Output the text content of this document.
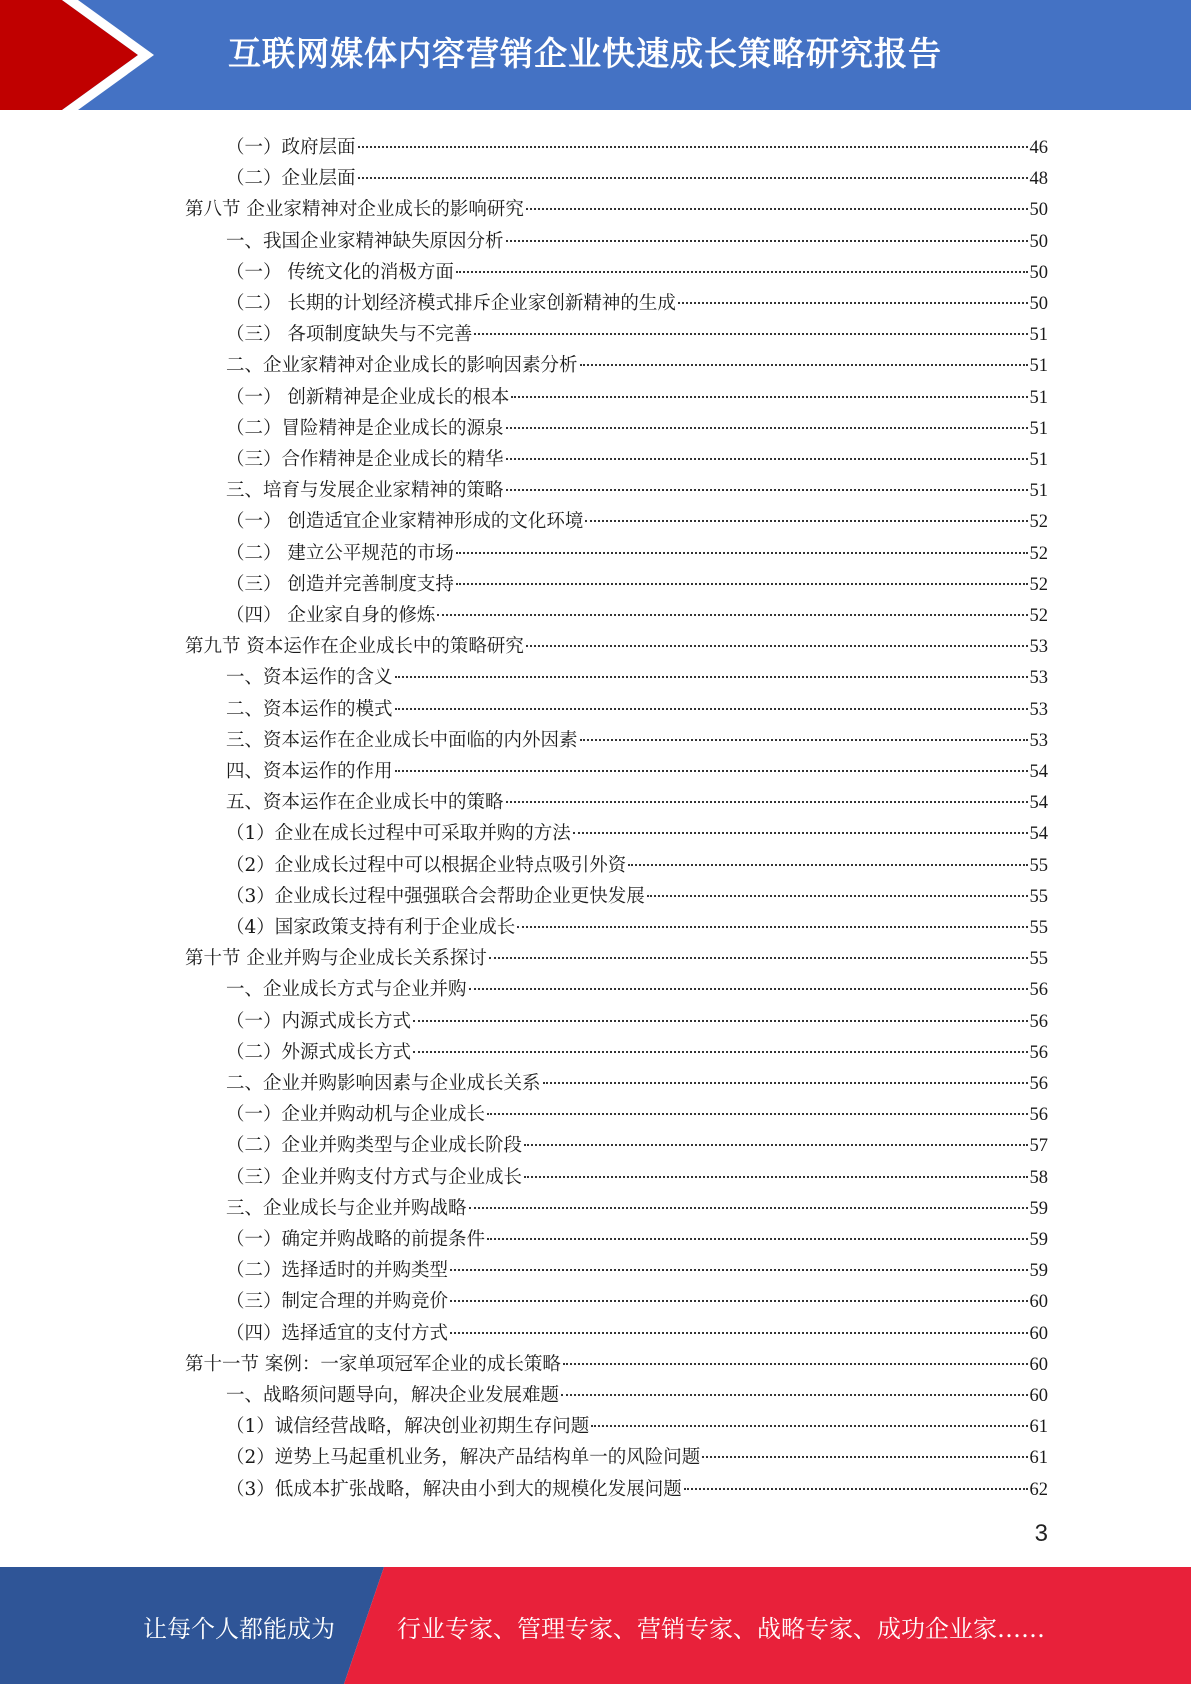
互联网媒体内容营销企业快速成长策略研究报告
（一）政府层面	46
（二）企业层面	48
第八节 企业家精神对企业成长的影响研究	50
一、我国企业家精神缺失原因分析	50
（一） 传统文化的消极方面	50
（二） 长期的计划经济模式排斥企业家创新精神的生成	50
（三） 各项制度缺失与不完善	51
二、企业家精神对企业成长的影响因素分析	51
（一） 创新精神是企业成长的根本	51
（二）冒险精神是企业成长的源泉	51
（三）合作精神是企业成长的精华	51
三、培育与发展企业家精神的策略	51
（一） 创造适宜企业家精神形成的文化环境	52
（二） 建立公平规范的市场	52
（三） 创造并完善制度支持	52
（四） 企业家自身的修炼	52
第九节 资本运作在企业成长中的策略研究	53
一、资本运作的含义	53
二、资本运作的模式	53
三、资本运作在企业成长中面临的内外因素	53
四、资本运作的作用	54
五、资本运作在企业成长中的策略	54
（1）企业在成长过程中可采取并购的方法	54
（2）企业成长过程中可以根据企业特点吸引外资	55
（3）企业成长过程中强强联合会帮助企业更快发展	55
（4）国家政策支持有利于企业成长	55
第十节 企业并购与企业成长关系探讨	55
一、企业成长方式与企业并购	56
（一）内源式成长方式	56
（二）外源式成长方式	56
二、企业并购影响因素与企业成长关系	56
（一）企业并购动机与企业成长	56
（二）企业并购类型与企业成长阶段	57
（三）企业并购支付方式与企业成长	58
三、企业成长与企业并购战略	59
（一）确定并购战略的前提条件	59
（二）选择适时的并购类型	59
（三）制定合理的并购竞价	60
（四）选择适宜的支付方式	60
第十一节 案例：一家单项冠军企业的成长策略	60
一、战略须问题导向，解决企业发展难题	60
（1）诚信经营战略，解决创业初期生存问题	61
（2）逆势上马起重机业务，解决产品结构单一的风险问题	61
（3）低成本扩张战略，解决由小到大的规模化发展问题	62
3
让每个人都能成为	行业专家、管理专家、营销专家、战略专家、成功企业家……
